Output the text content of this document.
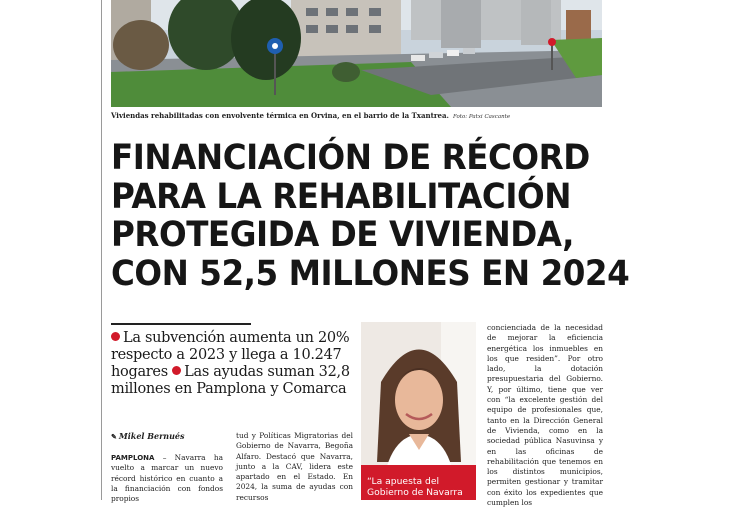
Viviendas rehabilitadas con envolvente térmica en Orvina, en el barrio de la Txantrea. Foto: Patxi Cascante
FINANCIACIÓN DE RÉCORD
PARA LA REHABILITACIÓN
PROTEGIDA DE VIVIENDA,
CON 52,5 MILLONES EN 2024
La subvención aumenta un 20% respecto a 2023 y llega a 10.247 hogares Las ayudas suman 32,8 millones en Pamplona y Comarca
✎ Mikel Bernués
PAMPLONA – Navarra ha vuelto a marcar un nuevo récord histórico en cuanto a la financiación con fondos propios
tud y Políticas Migratorias del Gobierno de Navarra, Begoña Alfaro. Destacó que Navarra, junto a la CAV, lidera este apartado en el Estado. En 2024, la suma de ayudas con recursos
“La apuesta del Gobierno de Navarra
concienciada de la necesidad de mejorar la eficiencia energética los inmuebles en los que residen”. Por otro lado, la dotación presupuestaria del Gobierno. Y, por último, tiene que ver con “la excelente gestión del equipo de profesionales que, tanto en la Dirección General de Vivienda, como en la sociedad pública Nasuvinsa y en las oficinas de rehabilitación que tenemos en los distintos municipios, permiten gestionar y tramitar con éxito los expedientes que cumplen los
